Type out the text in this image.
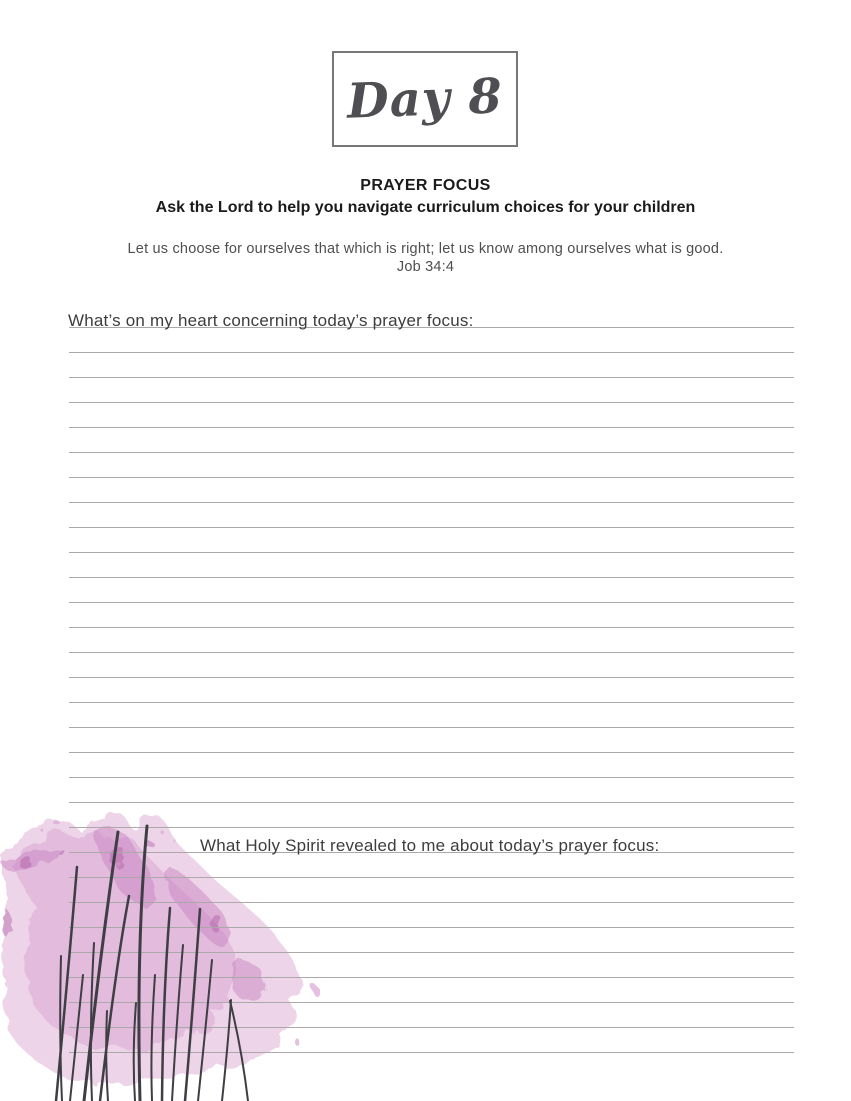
Day 8
PRAYER FOCUS
Ask the Lord to help you navigate curriculum choices for your children
Let us choose for ourselves that which is right; let us know among ourselves what is good.
Job 34:4
What’s on my heart concerning today’s prayer focus:
What Holy Spirit revealed to me about today’s prayer focus:
